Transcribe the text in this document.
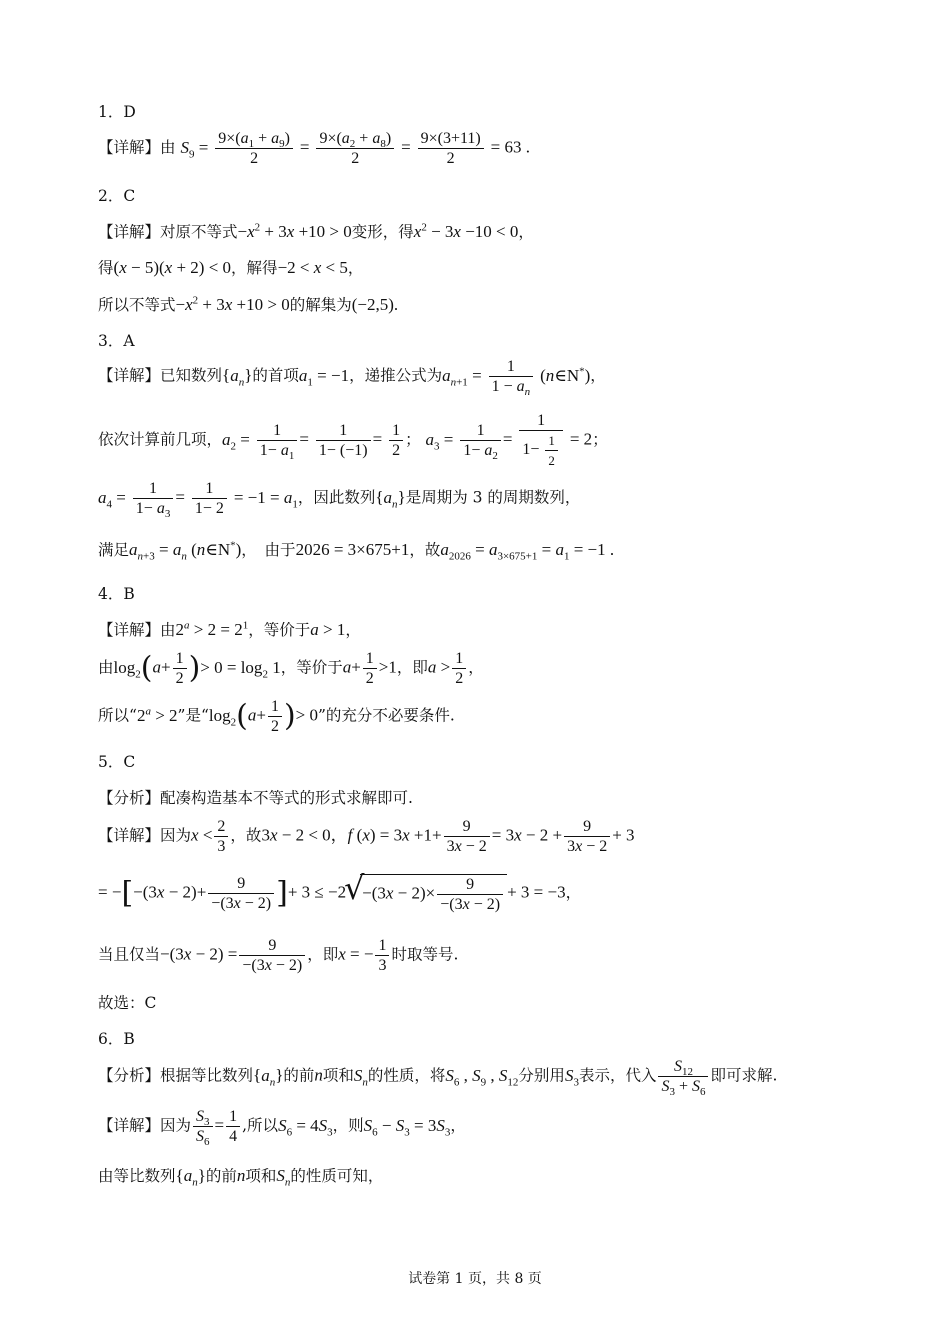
1．D
【详解】由 $S_9 = \frac{9\times(a_1 + a_9)}{2} = \frac{9\times(a_2 + a_8)}{2} = \frac{9\times(3+11)}{2} = 63$ .
2．C
【详解】对原不等式$-x^2 + 3x +10 > 0$变形，得$x^2 - 3x -10 < 0$，
得(x − 5)(x + 2) < 0，解得−2 < x < 5，
所以不等式$-x^2 + 3x +10 > 0$的解集为(−2,5).
3．A
【详解】已知数列$\{a_n\}$的首项$a_1 = -1$，递推公式为$a_{n+1} = \frac{1}{1 - a_n}$ (n∈N*)，
依次计算前几项，$a_2 = \frac{1}{1- a_1} = \frac{1}{1- (-1)} = \frac{1}{2}$ ； $a_3 = \frac{1}{1- a_2} = \frac{1}{1- \frac{1}{2}} = 2$；
$a_4 = \frac{1}{1- a_3} = \frac{1}{1- 2} = -1 = a_1$，因此数列$\{a_n\}$是周期为 3 的周期数列，
满足$a_{n+3} = a_n$ (n∈N*)，　由于2026 = 3×675+1，故$a_{2026} = a_{3\times 675+1} = a_1 = -1$ .
4．B
【详解】由$2^a > 2 = 2^1$，等价于a > 1，
由$\log_2(a+ \frac{1}{2}$ )> $0 = \log_2 1$，等价于$a+ \frac{1}{2} >1$，即$a > \frac{1}{2}$ ，
所以“$2^a > 2$”是“$\log_2(a+ \frac{1}{2}$ )> 0”的充分不必要条件.
5．C
【分析】配凑构造基本不等式的形式求解即可.
【详解】因为$x < \frac{2}{3}$ ，故3x − 2 < 0，f $(x) = 3x +1+ \frac{9}{3x - 2} = 3x - 2 + \frac{9}{3x - 2} + 3$
= $-[-(3x - 2)+ \frac{9}{-(3x - 2)}$ ]+ $3 \le -2√ -(3x - 2)\times \frac{9}{-(3x - 2)} + 3 = -3$，
当且仅当$-(3x - 2) = \frac{9}{-(3x - 2)}$ ，即x = − $\frac{1}{3}$ 时取等号.
故选：C
6．B
【分析】根据等比数列$\{a_n\}$的前n项和$S_n$的性质，将$S_6$ , $S_9$ , $S_{12}$分别用$S_3$表示，代入 $\frac{S_{12}}{S_3 + S_6}$ 即可求解.
【详解】因为 $\frac{S_3}{S_6} = \frac{1}{4}$ ,所以$S_6 = 4S_3$，则$S_6 - S_3 = 3S_3$，
由等比数列$\{a_n\}$的前n项和$S_n$的性质可知，
试卷第 1 页，共 8 页
